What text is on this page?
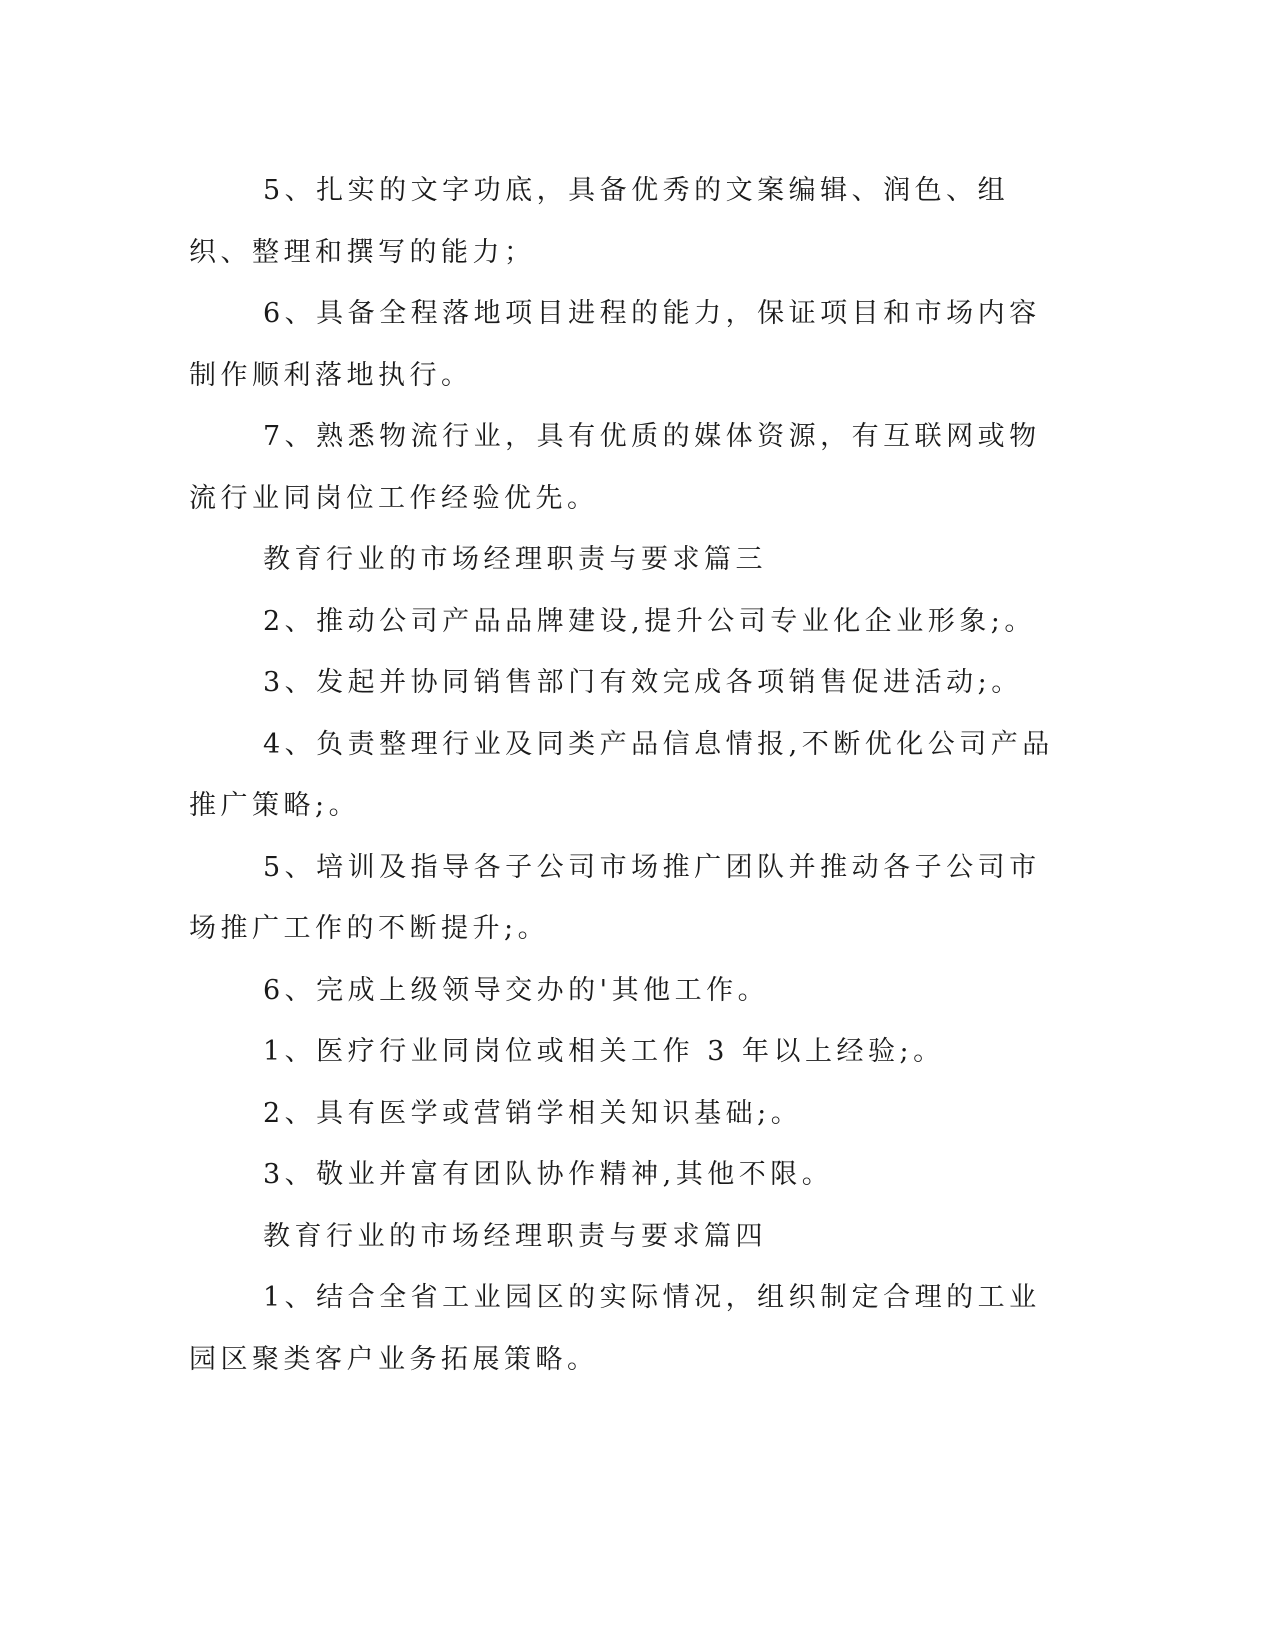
5、扎实的文字功底，具备优秀的文案编辑、润色、组织、整理和撰写的能力；

6、具备全程落地项目进程的能力，保证项目和市场内容制作顺利落地执行。

7、熟悉物流行业，具有优质的媒体资源，有互联网或物流行业同岗位工作经验优先。

教育行业的市场经理职责与要求篇三

2、推动公司产品品牌建设,提升公司专业化企业形象;。

3、发起并协同销售部门有效完成各项销售促进活动;。

4、负责整理行业及同类产品信息情报,不断优化公司产品推广策略;。

5、培训及指导各子公司市场推广团队并推动各子公司市场推广工作的不断提升;。

6、完成上级领导交办的'其他工作。

1、医疗行业同岗位或相关工作 3 年以上经验;。

2、具有医学或营销学相关知识基础;。

3、敬业并富有团队协作精神,其他不限。

教育行业的市场经理职责与要求篇四

1、结合全省工业园区的实际情况，组织制定合理的工业园区聚类客户业务拓展策略。
